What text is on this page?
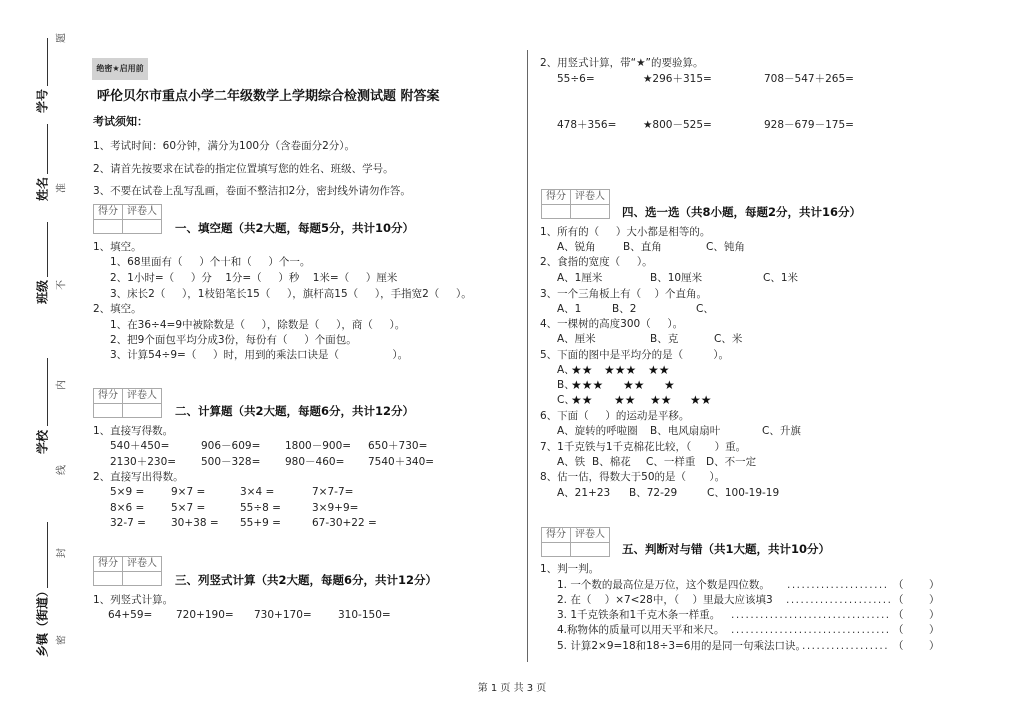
题
学号
准
姓名
不
班级
内
学校
线
封
乡镇（街道） 密
绝密★启用前
呼伦贝尔市重点小学二年级数学上学期综合检测试题 附答案
考试须知：
1、考试时间：60分钟，满分为100分（含卷面分2分）。
2、请首先按要求在试卷的指定位置填写您的姓名、班级、学号。
3、不要在试卷上乱写乱画，卷面不整洁扣2分，密封线外请勿作答。
得分 评卷人
一、填空题（共2大题，每题5分，共计10分）
1、填空。
1、68里面有（     ）个十和（     ）个一。
2、1小时=（     ）分    1分=（     ）秒    1米=（     ）厘米
3、床长2（     ），1枝铅笔长15（     ），旗杆高15（     ），手指宽2（     ）。
2、填空。
1、在36÷4=9中被除数是（     ），除数是（     ），商（     ）。
2、把9个面包平均分成3份，每份有（     ）个面包。
3、计算54÷9=（     ）时，用到的乘法口诀是（                ）。
得分 评卷人
二、计算题（共2大题，每题6分，共计12分）
1、直接写得数。
540＋450=	906－609= 1800－900= 650＋730=
2130＋230= 500－328= 980－460= 7540＋340=
2、直接写出得数。
5×9 =	9×7 =	3×4 =	7×7-7=
8×6 =	5×7 =	55÷8 =	3×9+9=
32-7 = 30+38 = 55+9 =	67-30+22 =
得分 评卷人
三、列竖式计算（共2大题，每题6分，共计12分）
1、列竖式计算。
64+59= 720+190= 730+170=	310-150=
2、用竖式计算，带“★”的要验算。
55÷6=	★296＋315=	708－547＋265=
478＋356=	★800－525=	928－679－175=
得分 评卷人
四、选一选（共8小题，每题2分，共计16分）
1、所有的（     ）大小都是相等的。
A、锐角	B、直角	C、钝角
2、食指的宽度（     ）。
A、1厘米	B、10厘米	C、1米
3、一个三角板上有（    ）个直角。
A、1	B、2	C、
4、一棵树的高度300（     ）。
A、厘米	B、克	C、米
5、下面的图中是平均分的是（         ）。
A、
★★ ★★★ ★★
B、
★★★ ★★ ★
C、
★★ ★★ ★★ ★★
6、下面（     ）的运动是平移。
A、旋转的呼啦圈 B、电风扇扇叶	C、升旗
7、1千克铁与1千克棉花比较，（       ）重。
A、铁 B、棉花 C、一样重 D、不一定
8、估一估，得数大于50的是（       ）。
A、21+23 B、72-29	C、100-19-19
得分 评卷人
五、判断对与错（共1大题，共计10分）
1、判一判。
1. 一个数的最高位是万位，这个数是四位数。 ..................... （ ）
2. 在（    ）×7<28中，（    ）里最大应该填3 ...................... （ ）
3. 1千克铁条和1千克木条一样重。 ................................. （ ）
4.称物体的质量可以用天平和米尺。 ................................. （ ）
5. 计算2×9=18和18÷3=6用的是同一句乘法口诀。
.................. （ ）
第 1 页 共 3 页
